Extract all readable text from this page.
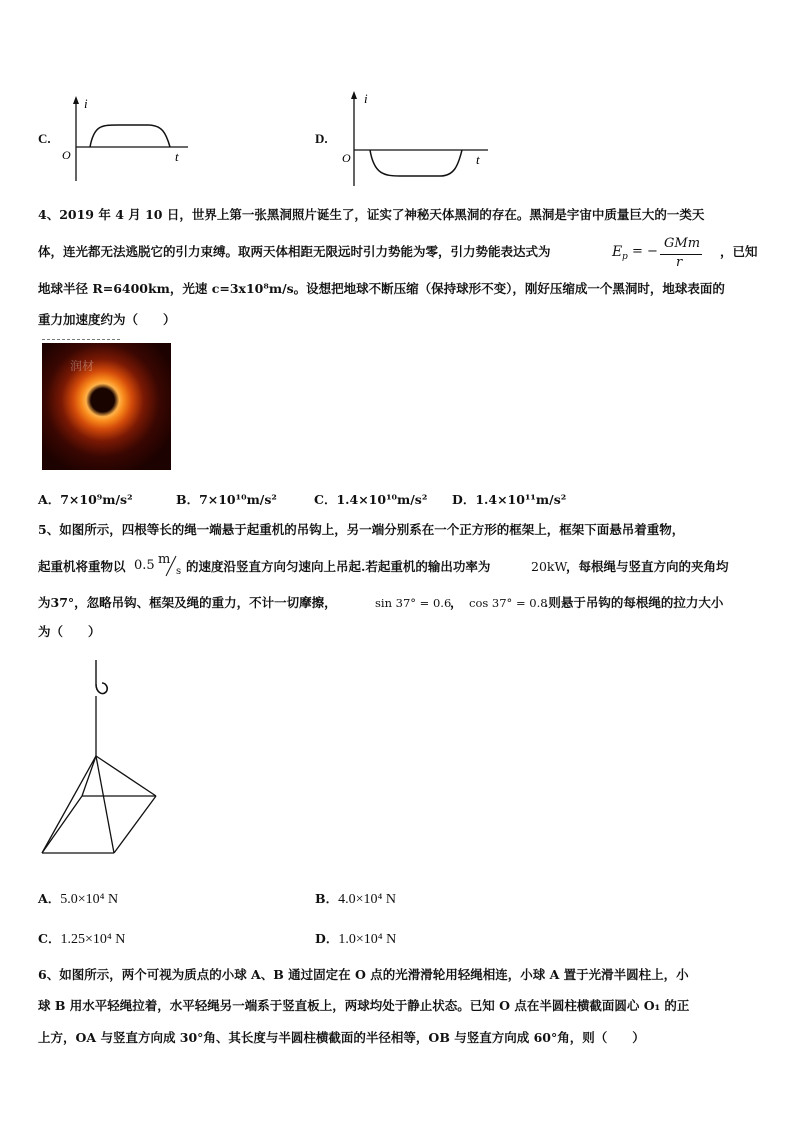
C.
i
t
O
D.
i
t
O
4、2019 年 4 月 10 日，世界上第一张黑洞照片诞生了，证实了神秘天体黑洞的存在。黑洞是宇宙中质量巨大的一类天
体，连光都无法逃脱它的引力束缚。取两天体相距无限远时引力势能为零，引力势能表达式为	E p = −
GMm
r
，已知
地球半径 R=6400km，光速 c=3x10⁸m/s。设想把地球不断压缩（保持球形不变），刚好压缩成一个黑洞时，地球表面的
重力加速度约为（　　）
润材
A．7×10⁹m/s²	B．7×10¹⁰m/s²	C．1.4×10¹⁰m/s² D．1.4×10¹¹m/s²
5、如图所示，四根等长的绳一端悬于起重机的吊钩上，另一端分别系在一个正方形的框架上，框架下面悬吊着重物，
起重机将重物以 0.5 m
s 的速度沿竖直方向匀速向上吊起.若起重机的输出功率为	20kW
，每根绳与竖直方向的夹角均
为37°，忽略吊钩、框架及绳的重力，不计一切摩擦，	sin 37° = 0.6
， cos 37° = 0.8
.则悬于吊钩的每根绳的拉力大小
为（　　）
A．5.0×10⁴ N	B．4.0×10⁴ N
C．1.25×10⁴ N	D．1.0×10⁴ N
6、如图所示，两个可视为质点的小球 A、B 通过固定在 O 点的光滑滑轮用轻绳相连，小球 A 置于光滑半圆柱上，小
球 B 用水平轻绳拉着，水平轻绳另一端系于竖直板上，两球均处于静止状态。已知 O 点在半圆柱横截面圆心 O₁ 的正
上方，OA 与竖直方向成 30°角、其长度与半圆柱横截面的半径相等，OB 与竖直方向成 60°角，则（　　）
